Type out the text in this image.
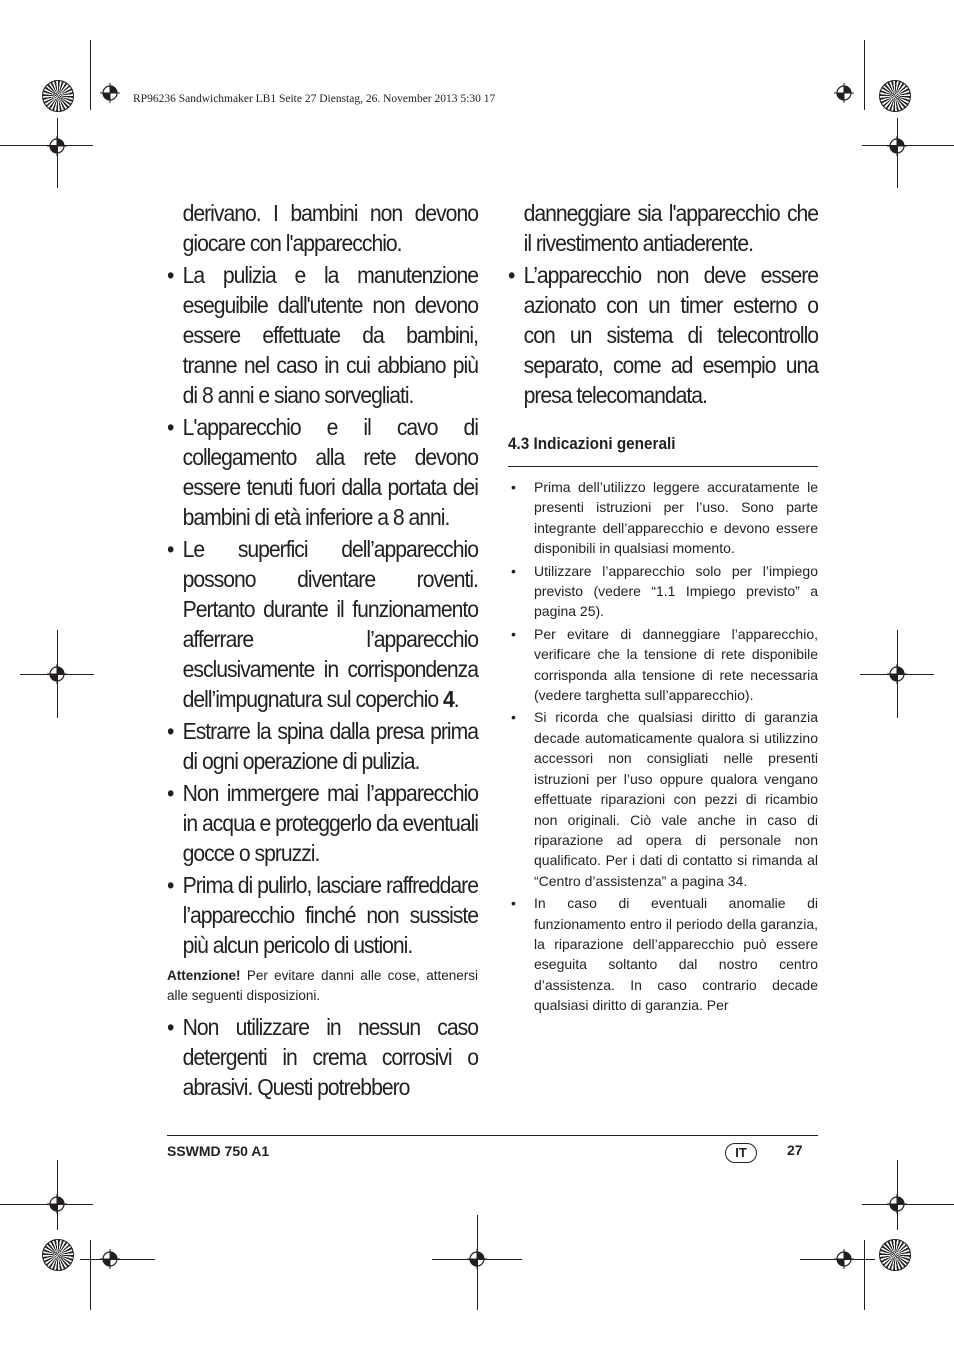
RP96236 Sandwichmaker LB1 Seite 27 Dienstag, 26. November 2013 5:30 17
derivano. I bambini non devono giocare con l'apparecchio.
• La pulizia e la manutenzione eseguibile dall'utente non devono essere effettuate da bambini, tranne nel caso in cui abbiano più di 8 anni e siano sorvegliati.
• L'apparecchio e il cavo di collegamento alla rete devono essere tenuti fuori dalla portata dei bambini di età inferiore a 8 anni.
• Le superfici dell’apparecchio possono diventare roventi. Pertanto durante il funzionamento afferrare l’apparecchio esclusivamente in corrispondenza dell’impugnatura sul coperchio 4.
• Estrarre la spina dalla presa prima di ogni operazione di pulizia.
• Non immergere mai l’apparecchio in acqua e proteggerlo da eventuali gocce o spruzzi.
• Prima di pulirlo, lasciare raffreddare l’apparecchio finché non sussiste più alcun pericolo di ustioni.
Attenzione! Per evitare danni alle cose, attenersi alle seguenti disposizioni.
• Non utilizzare in nessun caso detergenti in crema corrosivi o abrasivi. Questi potrebbero
danneggiare sia l'apparecchio che il rivestimento antiaderente.
• L’apparecchio non deve essere azionato con un timer esterno o con un sistema di telecontrollo separato, come ad esempio una presa telecomandata.
4.3 Indicazioni generali
• Prima dell’utilizzo leggere accuratamente le presenti istruzioni per l’uso. Sono parte integrante dell’apparecchio e devono essere disponibili in qualsiasi momento.
• Utilizzare l’apparecchio solo per l’impiego previsto (vedere “1.1 Impiego previsto” a pagina 25).
• Per evitare di danneggiare l’apparecchio, verificare che la tensione di rete disponibile corrisponda alla tensione di rete necessaria (vedere targhetta sull’apparecchio).
• Si ricorda che qualsiasi diritto di garanzia decade automaticamente qualora si utilizzino accessori non consigliati nelle presenti istruzioni per l’uso oppure qualora vengano effettuate riparazioni con pezzi di ricambio non originali. Ciò vale anche in caso di riparazione ad opera di personale non qualificato. Per i dati di contatto si rimanda al “Centro d’assistenza” a pagina 34.
• In caso di eventuali anomalie di funzionamento entro il periodo della garanzia, la riparazione dell’apparecchio può essere eseguita soltanto dal nostro centro d’assistenza. In caso contrario decade qualsiasi diritto di garanzia. Per
SSWMD 750 A1	IT	27
